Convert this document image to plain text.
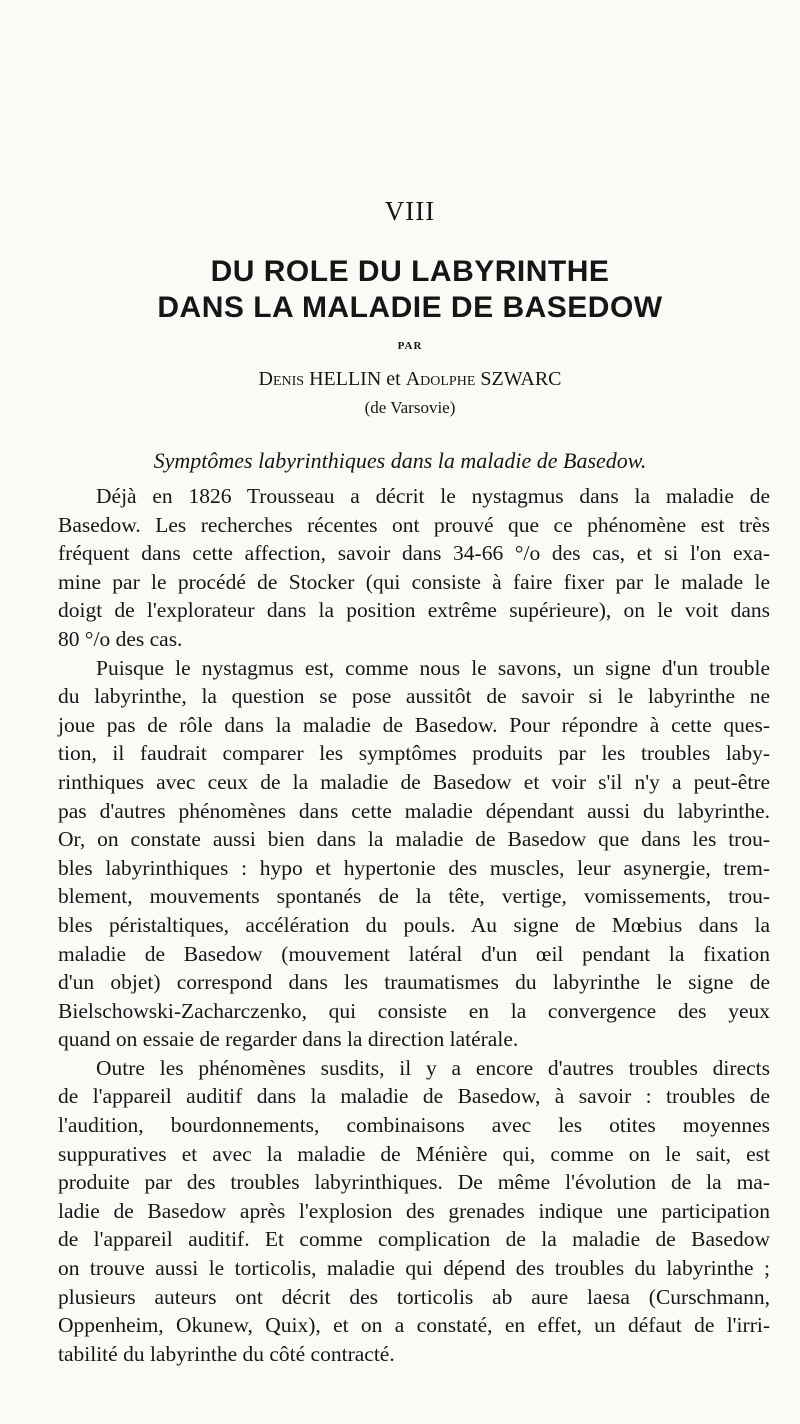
VIII
DU ROLE DU LABYRINTHE
DANS LA MALADIE DE BASEDOW
PAR
Denis HELLIN et Adolphe SZWARC
(de Varsovie)
Symptômes labyrinthiques dans la maladie de Basedow.
Déjà en 1826 Trousseau a décrit le nystagmus dans la maladie de
Basedow. Les recherches récentes ont prouvé que ce phénomène est très
fréquent dans cette affection, savoir dans 34-66 °/o des cas, et si l'on exa-
mine par le procédé de Stocker (qui consiste à faire fixer par le malade le
doigt de l'explorateur dans la position extrême supérieure), on le voit dans
80 °/o des cas.
Puisque le nystagmus est, comme nous le savons, un signe d'un trouble
du labyrinthe, la question se pose aussitôt de savoir si le labyrinthe ne
joue pas de rôle dans la maladie de Basedow. Pour répondre à cette ques-
tion, il faudrait comparer les symptômes produits par les troubles laby-
rinthiques avec ceux de la maladie de Basedow et voir s'il n'y a peut-être
pas d'autres phénomènes dans cette maladie dépendant aussi du labyrinthe.
Or, on constate aussi bien dans la maladie de Basedow que dans les trou-
bles labyrinthiques : hypo et hypertonie des muscles, leur asynergie, trem-
blement, mouvements spontanés de la tête, vertige, vomissements, trou-
bles péristaltiques, accélération du pouls. Au signe de Mœbius dans la
maladie de Basedow (mouvement latéral d'un œil pendant la fixation
d'un objet) correspond dans les traumatismes du labyrinthe le signe de
Bielschowski-Zacharczenko, qui consiste en la convergence des yeux
quand on essaie de regarder dans la direction latérale.
Outre les phénomènes susdits, il y a encore d'autres troubles directs
de l'appareil auditif dans la maladie de Basedow, à savoir : troubles de
l'audition, bourdonnements, combinaisons avec les otites moyennes
suppuratives et avec la maladie de Ménière qui, comme on le sait, est
produite par des troubles labyrinthiques. De même l'évolution de la ma-
ladie de Basedow après l'explosion des grenades indique une participation
de l'appareil auditif. Et comme complication de la maladie de Basedow
on trouve aussi le torticolis, maladie qui dépend des troubles du labyrinthe ;
plusieurs auteurs ont décrit des torticolis ab aure laesa (Curschmann,
Oppenheim, Okunew, Quix), et on a constaté, en effet, un défaut de l'irri-
tabilité du labyrinthe du côté contracté.
